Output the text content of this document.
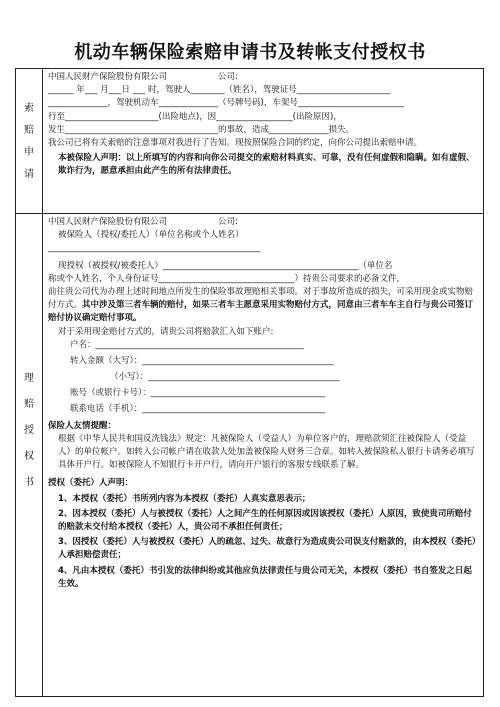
机动车辆保险索赔申请书及转帐支付授权书
索
赔
申
请
理
赔
授
权
书
中国人民财产保险股份有限公司　　　　　　公司:
______ 年___ 月___日 ___ 时，驾驶人________（姓名），驾驶证号______________________
______________，驾驶机动车______________（号牌号码)，车架号_________________________
行至______________________(出险地点)，因__________________(出险原因)，
发生____________________________________的事故，造成______________损失。
我公司已将有关索赔的注意事项对我进行了告知。现按照保险合同的约定，向你公司提出索赔申请。
本被保险人声明：以上所填写的内容和向你公司提交的索赔材料真实、可靠，没有任何虚假和隐瞒。如有虚假、欺诈行为，愿意承担由此产生的所有法律责任。
中国人民财产保险股份有限公司　　　　　　公司:
被保险人（授权/委托人）（单位名称或个人姓名）
__________________________________________________
现授权（被授权/被委托人）______________________________________________（单位名
称或个人姓名，个人身份证号________________________________）持贵公司要求的必备文件，
前往贵公司代为办理上述时间地点所发生的保险事故理赔相关事项。对于事故所造成的损失，可采用现金或实物赔付方式。其中涉及第三者车辆的赔付，如果三者车主愿意采用实物赔付方式，同意由三者车车主自行与贵公司签订赔付协议确定赔付事项。
对于采用现金赔付方式的，请贵公司将赔款汇入如下账户:
户名：_________________________________________________
转入金额（大写）：_____________________________________________
（小写）：_____________________________________________
账号（或银行卡号）：_________________________________________
联系电话（手机）：___________________________________________
保险人友情提醒：
根据《中华人民共和国反洗钱法》规定：凡被保险人（受益人）为单位客户的，理赔款须汇往被保险人（受益人）的单位帐户。如转入公司帐户请在收款人处加盖被保险人财务三合章。如转入被保险私人银行卡请务必填写具体开户行。如被保险人不知银行卡开户行，请向开户银行的客服专线联系了解。
授权（委托）人声明：
1、本授权（委托）书所列内容为本授权（委托）人真实意思表示；
2、因本授权（委托）人与被授权（委托）人之间产生的任何原因或因该授权（委托）人原因，致使贵司所赔付的赔款未交付给本授权（委托）人，贵公司不承担任何责任；
3、因授权（委托）人与被授权（委托）人的疏忽、过失、故意行为造成贵公司误支付赔款的，由本授权（委托）人承担赔偿责任；
4、凡由本授权（委托）书引发的法律纠纷或其他应负法律责任与贵公司无关，本授权（委托）书自签发之日起生效。
